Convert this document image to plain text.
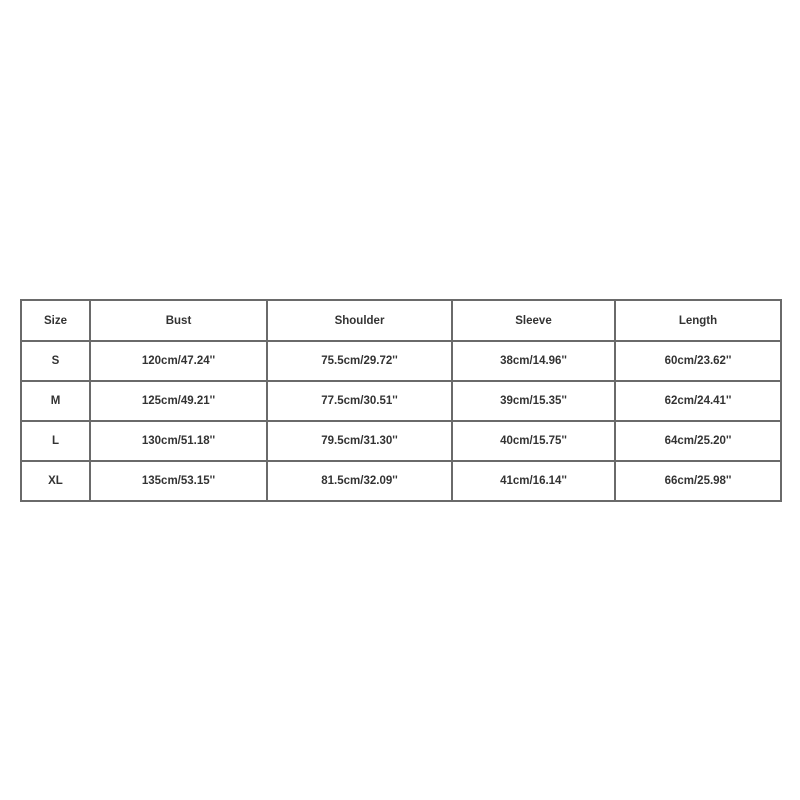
Size	Bust	Shoulder	Sleeve	Length
S	120cm/47.24''	75.5cm/29.72''	38cm/14.96''	60cm/23.62''
M	125cm/49.21''	77.5cm/30.51''	39cm/15.35''	62cm/24.41''
L	130cm/51.18''	79.5cm/31.30''	40cm/15.75''	64cm/25.20''
XL	135cm/53.15''	81.5cm/32.09''	41cm/16.14''	66cm/25.98''
